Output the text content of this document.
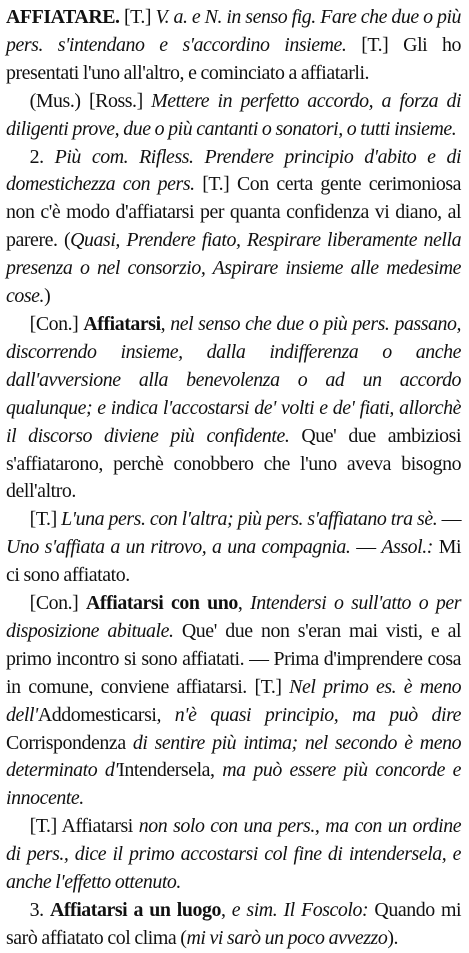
AFFIATARE. [T.] V. a. e N. in senso fig. Fare che due o più pers. s'intendano e s'accordino insieme. [T.] Gli ho presentati l'uno all'altro, e cominciato a affiatarli.

(Mus.) [Ross.] Mettere in perfetto accordo, a forza di diligenti prove, due o più cantanti o sonatori, o tutti insieme.

2. Più com. Rifless. Prendere principio d'abito e di domestichezza con pers. [T.] Con certa gente cerimoniosa non c'è modo d'affiatarsi per quanta confidenza vi diano, al parere. (Quasi, Prendere fiato, Respirare liberamente nella presenza o nel consorzio, Aspirare insieme alle medesime cose.)

[Con.] Affiatarsi, nel senso che due o più pers. passano, discorrendo insieme, dalla indifferenza o anche dall'avversione alla benevolenza o ad un accordo qualunque; e indica l'accostarsi de' volti e de' fiati, allorchè il discorso diviene più confidente. Que' due ambiziosi s'affiatarono, perchè conobbero che l'uno aveva bisogno dell'altro.

[T.] L'una pers. con l'altra; più pers. s'affiatano tra sè. — Uno s'affiata a un ritrovo, a una compagnia. — Assol.: Mi ci sono affiatato.

[Con.] Affiatarsi con uno, Intendersi o sull'atto o per disposizione abituale. Que' due non s'eran mai visti, e al primo incontro si sono affiatati. — Prima d'imprendere cosa in comune, conviene affiatarsi. [T.] Nel primo es. è meno dell'Addomesticarsi, n'è quasi principio, ma può dire Corrispondenza di sentire più intima; nel secondo è meno determinato d'Intendersela, ma può essere più concorde e innocente.

[T.] Affiatarsi non solo con una pers., ma con un ordine di pers., dice il primo accostarsi col fine di intendersela, e anche l'effetto ottenuto.

3. Affiatarsi a un luogo, e sim. Il Foscolo: Quando mi sarò affiatato col clima (mi vi sarò un poco avvezzo).
